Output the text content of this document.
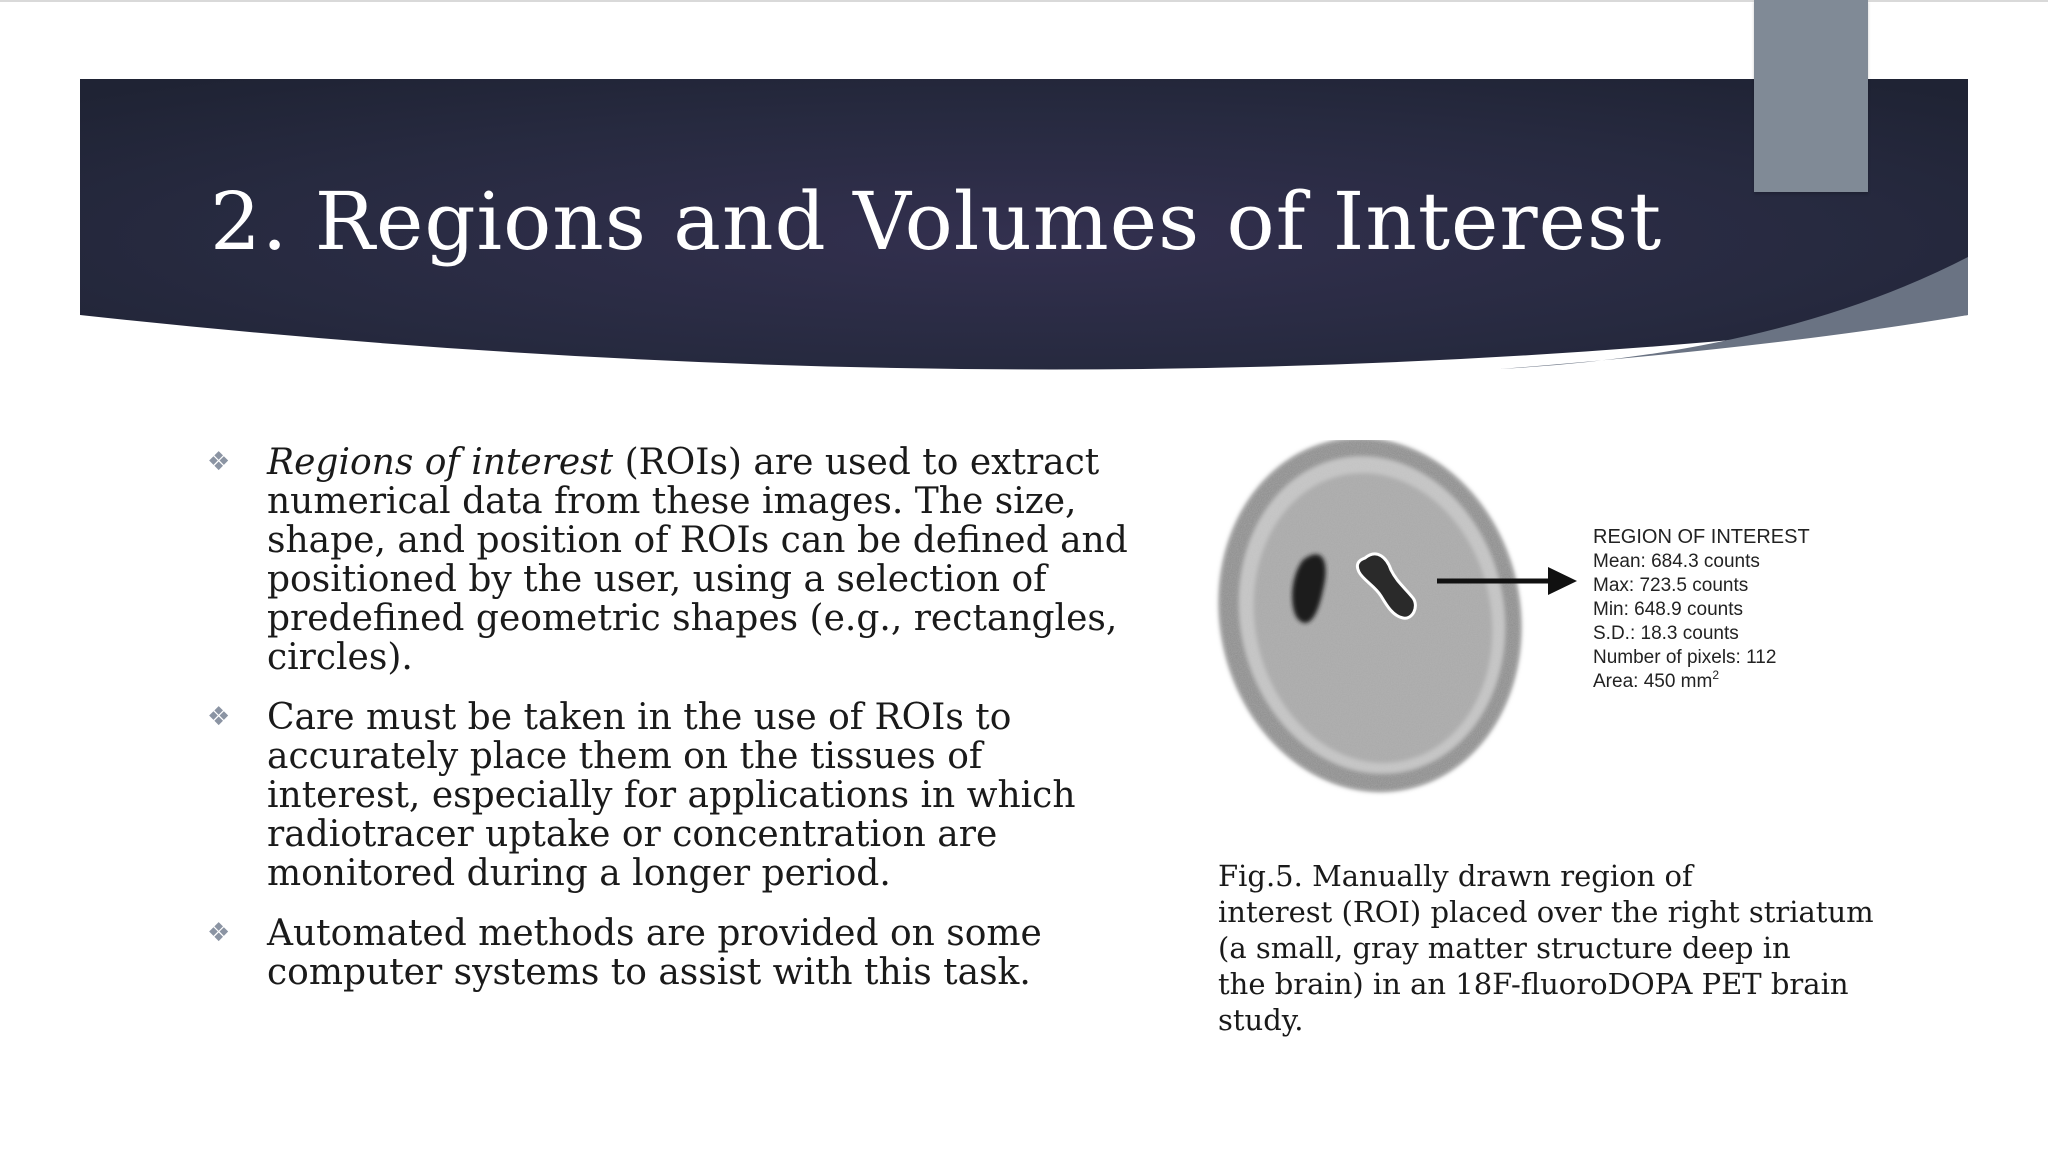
2. Regions and Volumes of Interest
❖ Regions of interest (ROIs) are used to extract numerical data from these images. The size, shape, and position of ROIs can be defined and positioned by the user, using a selection of predefined geometric shapes (e.g., rectangles, circles).
❖ Care must be taken in the use of ROIs to accurately place them on the tissues of interest, especially for applications in which radiotracer uptake or concentration are monitored during a longer period.
❖ Automated methods are provided on some computer systems to assist with this task.
REGION OF INTEREST
Mean: 684.3 counts
Max: 723.5 counts
Min: 648.9 counts
S.D.: 18.3 counts
Number of pixels: 112
Area: 450 $mm^2$
Fig.5. Manually drawn region of
interest (ROI) placed over the right striatum
(a small, gray matter structure deep in
the brain) in an 18F-fluoroDOPA PET brain
study.
